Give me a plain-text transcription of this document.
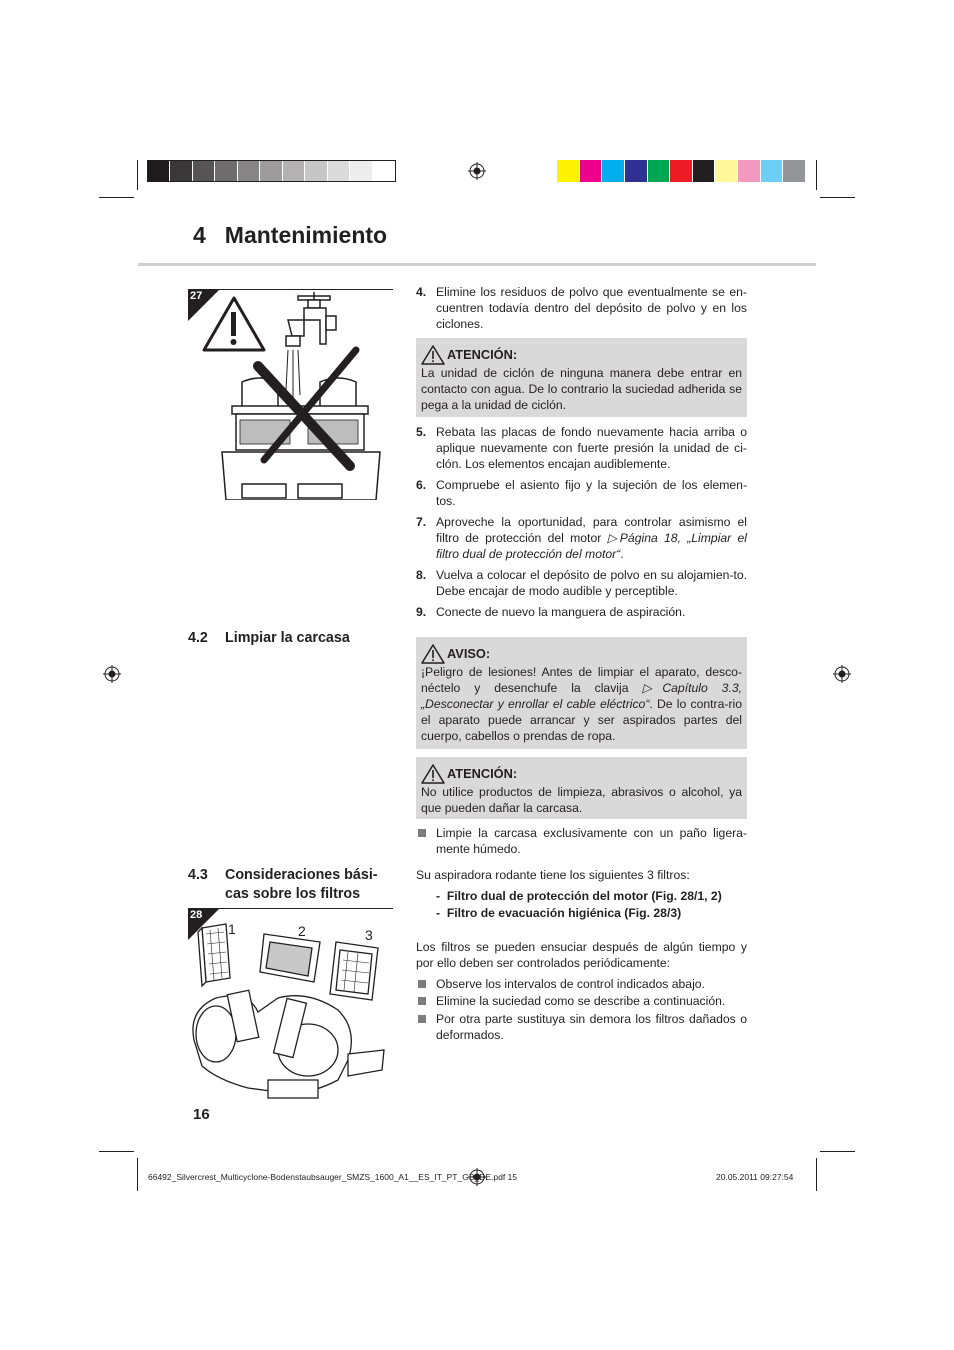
4 Mantenimiento
27	4. Elimine los residuos de polvo que eventualmente se en-cuentren todavía dentro del depósito de polvo y en los ciclones.
ATENCIÓN:
La unidad de ciclón de ninguna manera debe entrar en contacto con agua. De lo contrario la suciedad adherida se pega a la unidad de ciclón.
5. Rebata las placas de fondo nuevamente hacia arriba o aplique nuevamente con fuerte presión la unidad de ci-clón. Los elementos encajan audiblemente.
6. Compruebe el asiento fijo y la sujeción de los elemen-tos.
7. Aproveche la oportunidad, para controlar asimismo el filtro de protección del motor ▷Página 18, „Limpiar el filtro dual de protección del motor“.
8. Vuelva a colocar el depósito de polvo en su alojamien-to. Debe encajar de modo audible y perceptible.
9. Conecte de nuevo la manguera de aspiración.
4.2 Limpiar la carcasa
AVISO:
¡Peligro de lesiones! Antes de limpiar el aparato, desco-néctelo y desenchufe la clavija ▷Capítulo 3.3, „Desconectar y enrollar el cable eléctrico“. De lo contra-rio el aparato puede arrancar y ser aspirados partes del cuerpo, cabellos o prendas de ropa.
ATENCIÓN:
No utilice productos de limpieza, abrasivos o alcohol, ya que pueden dañar la carcasa.
Limpie la carcasa exclusivamente con un paño ligera-mente húmedo.
4.3 Consideraciones bási-cas sobre los filtros
28
1	2	3
Su aspiradora rodante tiene los siguientes 3 filtros:
-  Filtro dual de protección del motor (Fig. 28/1, 2)
-  Filtro de evacuación higiénica (Fig. 28/3)
Los filtros se pueden ensuciar después de algún tiempo y por ello deben ser controlados periódicamente:
Observe los intervalos de control indicados abajo.
Elimine la suciedad como se describe a continuación.
Por otra parte sustituya sin demora los filtros dañados o deformados.
16
66492_Silvercrest_Multicyclone-Bodenstaubsauger_SMZS_1600_A1__ES_IT_PT_GB_DE.pdf 15	20.05.2011 09:27:54
